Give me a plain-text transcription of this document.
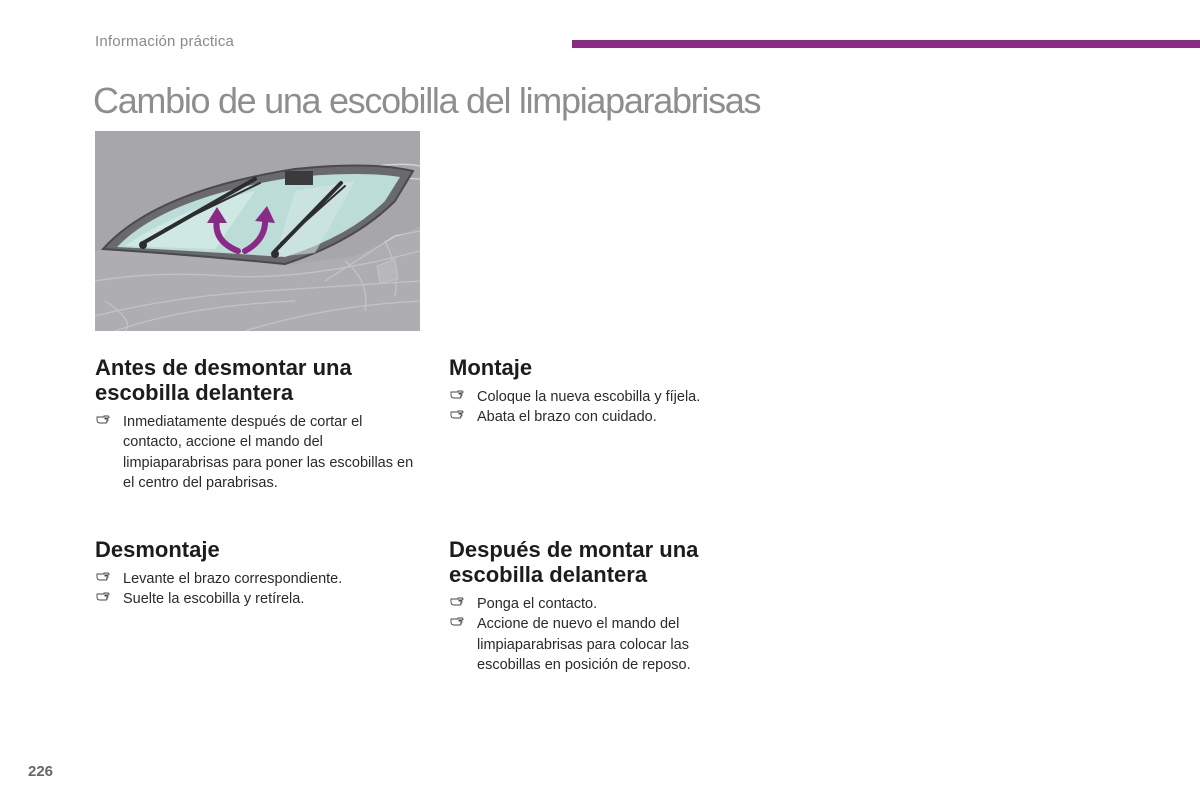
Información práctica
Cambio de una escobilla del limpiaparabrisas
Antes de desmontar una
escobilla delantera
Inmediatamente después de cortar el contacto, accione el mando del limpiaparabrisas para poner las escobillas en el centro del parabrisas.
Desmontaje
Levante el brazo correspondiente.
Suelte la escobilla y retírela.
Montaje
Coloque la nueva escobilla y fíjela.
Abata el brazo con cuidado.
Después de montar una
escobilla delantera
Ponga el contacto.
Accione de nuevo el mando del limpiaparabrisas para colocar las escobillas en posición de reposo.
226
